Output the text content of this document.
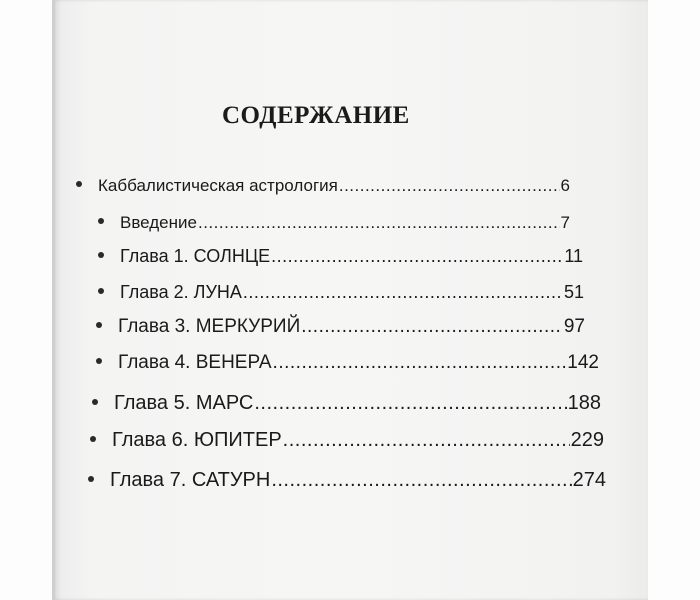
СОДЕРЖАНИЕ
Каббалистическая астрология .....	6
Введение .....	7
Глава 1. СОЛНЦЕ .....	11
Глава 2. ЛУНА .....	51
Глава 3. МЕРКУРИЙ .....	97
Глава 4. ВЕНЕРА .....	142
Глава 5. МАРС .....	188
Глава 6. ЮПИТЕР .....	229
Глава 7. САТУРН .....	274
